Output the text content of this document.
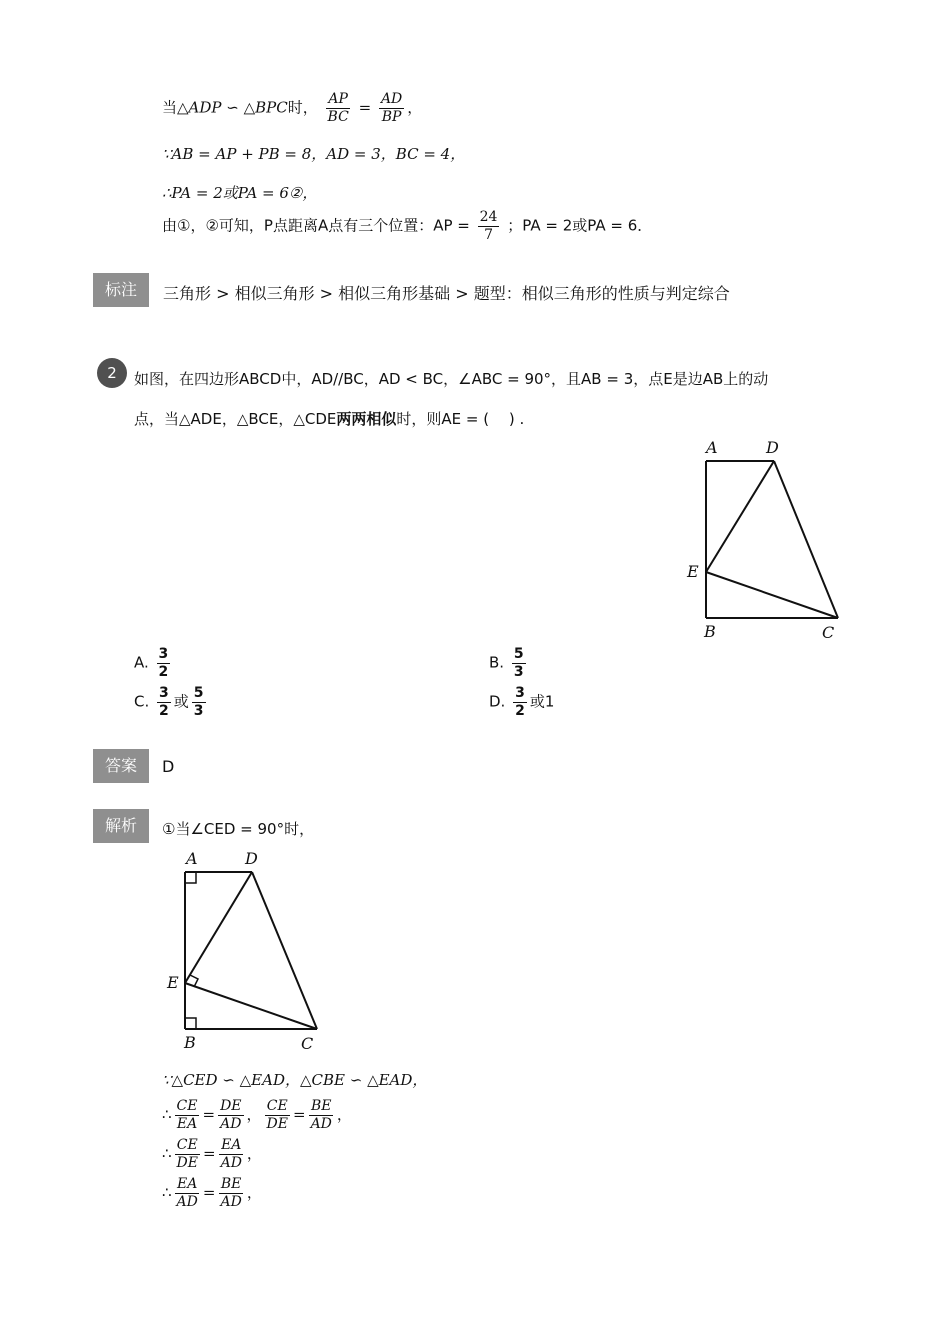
当△ADP ∽ △BPC时， $\frac{AP}{BC} = \frac{AD}{BP}$ ，
∵AB = AP + PB = 8，AD = 3，BC = 4，
∴PA = 2或PA = 6②，
由①，②可知，P点距离A点有三个位置：AP = $\frac{24}{7}$ ；PA = 2或PA = 6．
标注	三角形 > 相似三角形 > 相似三角形基础 > 题型：相似三角形的性质与判定综合
2	如图，在四边形ABCD中，AD//BC，AD < BC，∠ABC = 90°，且AB = 3，点E是边AB上的动
点，当△ADE，△BCE，△CDE两两相似时，则AE = (　 ) .
A	D
E
B	C
A. $\frac{3}{2}$	B. $\frac{5}{3}$
C. $\frac{3}{2}$ 或 $\frac{5}{3}$	D. $\frac{3}{2}$ 或1
答案	D
解析	①当∠CED = 90°时，
A	D
E
B	C
∵△CED ∽ △EAD，△CBE ∽ △EAD，
∴ $\frac{CE}{EA} = \frac{DE}{AD}$ ， $\frac{CE}{DE} = \frac{BE}{AD}$ ，
∴ $\frac{CE}{DE} = \frac{EA}{AD}$ ，
∴ $\frac{EA}{AD} = \frac{BE}{AD}$ ，
